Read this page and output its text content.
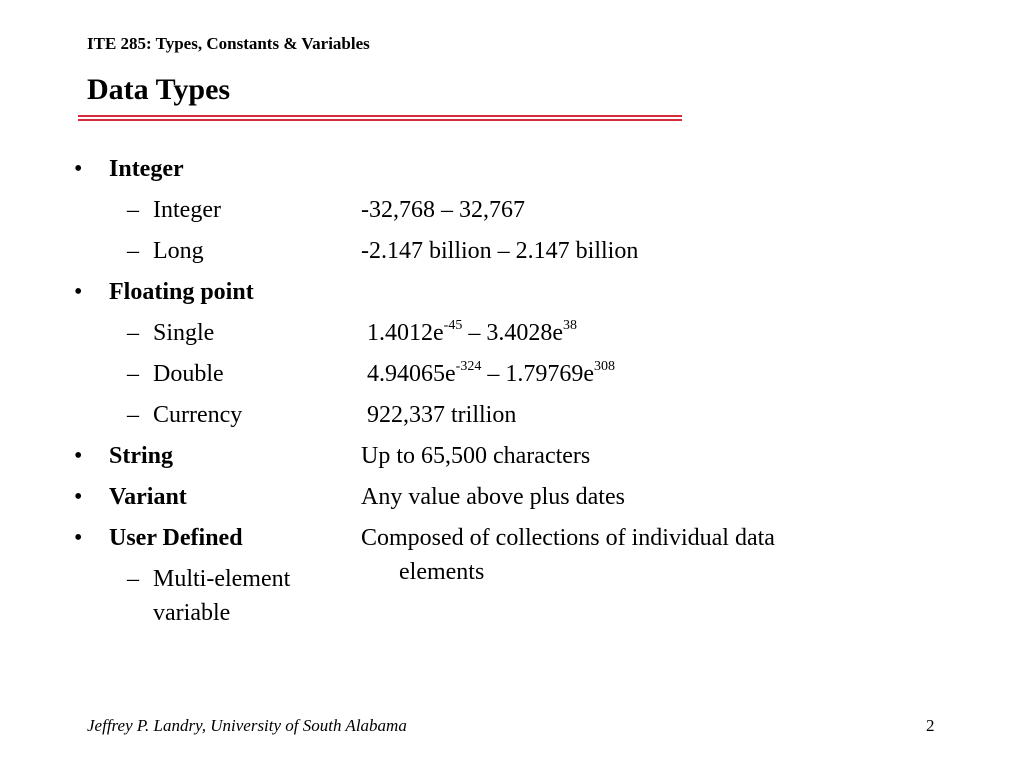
ITE 285: Types, Constants & Variables
Data Types
• Integer
– Integer	-32,768 – 32,767
– Long	-2.147 billion – 2.147 billion
• Floating point
– Single	$1.4012e^{-45} - 3.4028e^{38}$
– Double	$4.94065e^{-324} - 1.79769e^{308}$
– Currency	922,337 trillion
• String	Up to 65,500 characters
• Variant	Any value above plus dates
• User Defined	Composed of collections of individual data
elements
– Multi-element
variable
Jeffrey P. Landry, University of South Alabama	2
